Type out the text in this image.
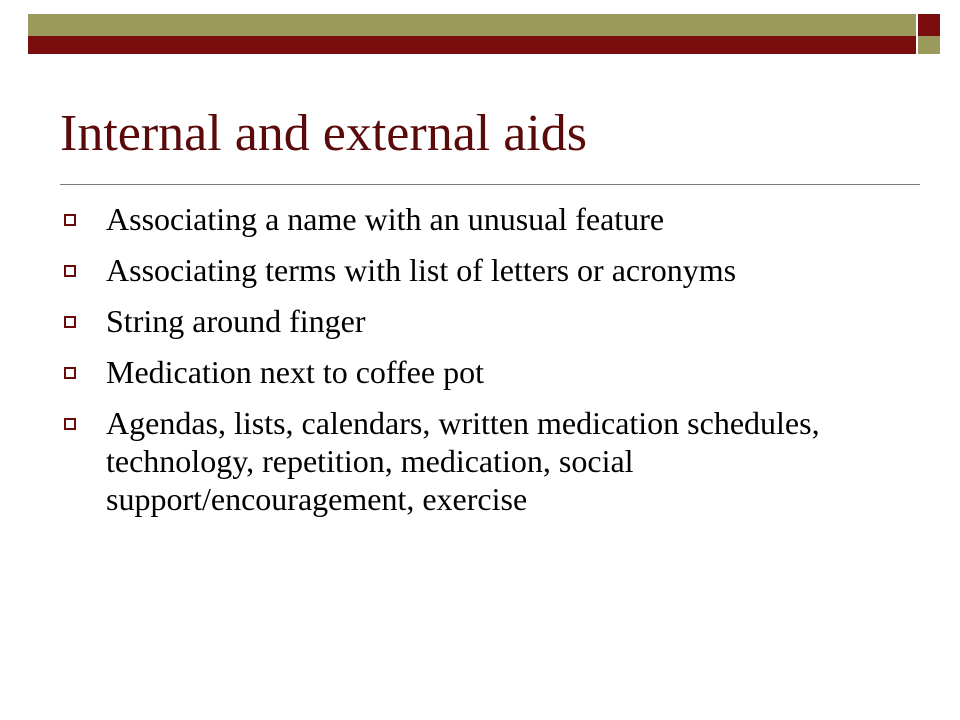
Internal and external aids
Associating a name with an unusual feature
Associating terms with list of letters or acronyms
String around finger
Medication next to coffee pot
Agendas, lists, calendars, written medication schedules, technology, repetition, medication, social support/encouragement, exercise
